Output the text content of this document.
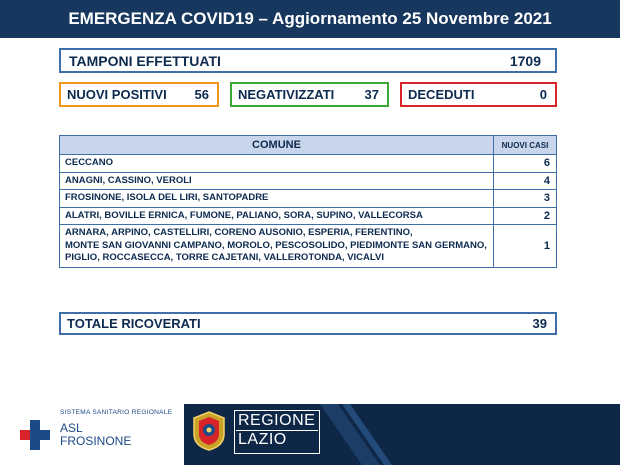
EMERGENZA COVID19 – Aggiornamento 25 Novembre 2021
TAMPONI EFFETTUATI	1709
NUOVI POSITIVI 56 NEGATIVIZZATI 37 DECEDUTI	0
COMUNE	NUOVI CASI
CECCANO	6
ANAGNI, CASSINO, VEROLI	4
FROSINONE, ISOLA DEL LIRI, SANTOPADRE	3
ALATRI, BOVILLE ERNICA, FUMONE, PALIANO, SORA, SUPINO, VALLECORSA	2

ARNARA, ARPINO, CASTELLIRI, CORENO AUSONIO, ESPERIA, FERENTINO,
MONTE SAN GIOVANNI CAMPANO, MOROLO, PESCOSOLIDO, PIEDIMONTE SAN GERMANO,
PIGLIO, ROCCASECCA, TORRE CAJETANI, VALLEROTONDA, VICALVI	1
TOTALE RICOVERATI	39
SISTEMA SANITARIO REGIONALE
ASL
FROSINONE
REGIONE
LAZIO
